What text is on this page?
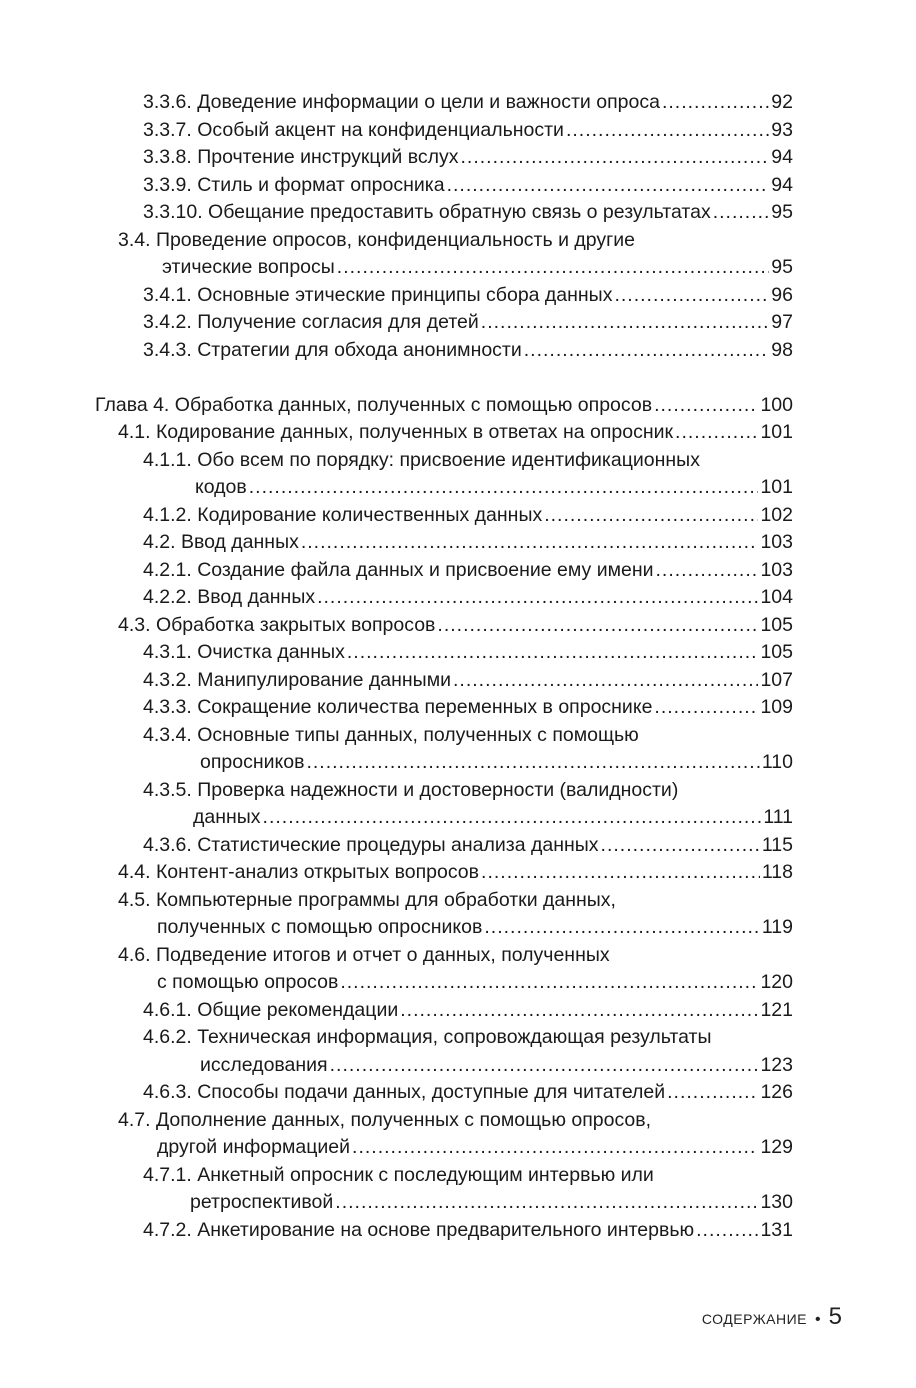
3.3.6. Доведение информации о цели и важности опроса .....	92
3.3.7. Особый акцент на конфиденциальности .....	93
3.3.8. Прочтение инструкций вслух .....	94
3.3.9. Стиль и формат опросника .....	94
3.3.10. Обещание предоставить обратную связь о результатах .....	95
3.4. Проведение опросов, конфиденциальность и другие
этические вопросы .....	95
3.4.1. Основные этические принципы сбора данных .....	96
3.4.2. Получение согласия для детей .....	97
3.4.3. Стратегии для обхода анонимности .....	98
Глава 4. Обработка данных, полученных с помощью опросов .....	100
4.1. Кодирование данных, полученных в ответах на опросник .....	101
4.1.1. Обо всем по порядку: присвоение идентификационных
кодов .....	101
4.1.2. Кодирование количественных данных .....	102
4.2. Ввод данных .....	103
4.2.1. Создание файла данных и присвоение ему имени .....	103
4.2.2. Ввод данных .....	104
4.3. Обработка закрытых вопросов .....	105
4.3.1. Очистка данных .....	105
4.3.2. Манипулирование данными .....	107
4.3.3. Сокращение количества переменных в опроснике .....	109
4.3.4. Основные типы данных, полученных с помощью
опросников .....	110
4.3.5. Проверка надежности и достоверности (валидности)
данных .....	111
4.3.6. Статистические процедуры анализа данных .....	115
4.4. Контент-анализ открытых вопросов .....	118
4.5. Компьютерные программы для обработки данных,
полученных с помощью опросников .....	119
4.6. Подведение итогов и отчет о данных, полученных
с помощью опросов .....	120
4.6.1. Общие рекомендации .....	121
4.6.2. Техническая информация, сопровождающая результаты
исследования .....	123
4.6.3. Способы подачи данных, доступные для читателей .....	126
4.7. Дополнение данных, полученных с помощью опросов,
другой информацией .....	129
4.7.1. Анкетный опросник с последующим интервью или
ретроспективой .....	130
4.7.2. Анкетирование на основе предварительного интервью .....	131
СОДЕРЖАНИЕ • 5
